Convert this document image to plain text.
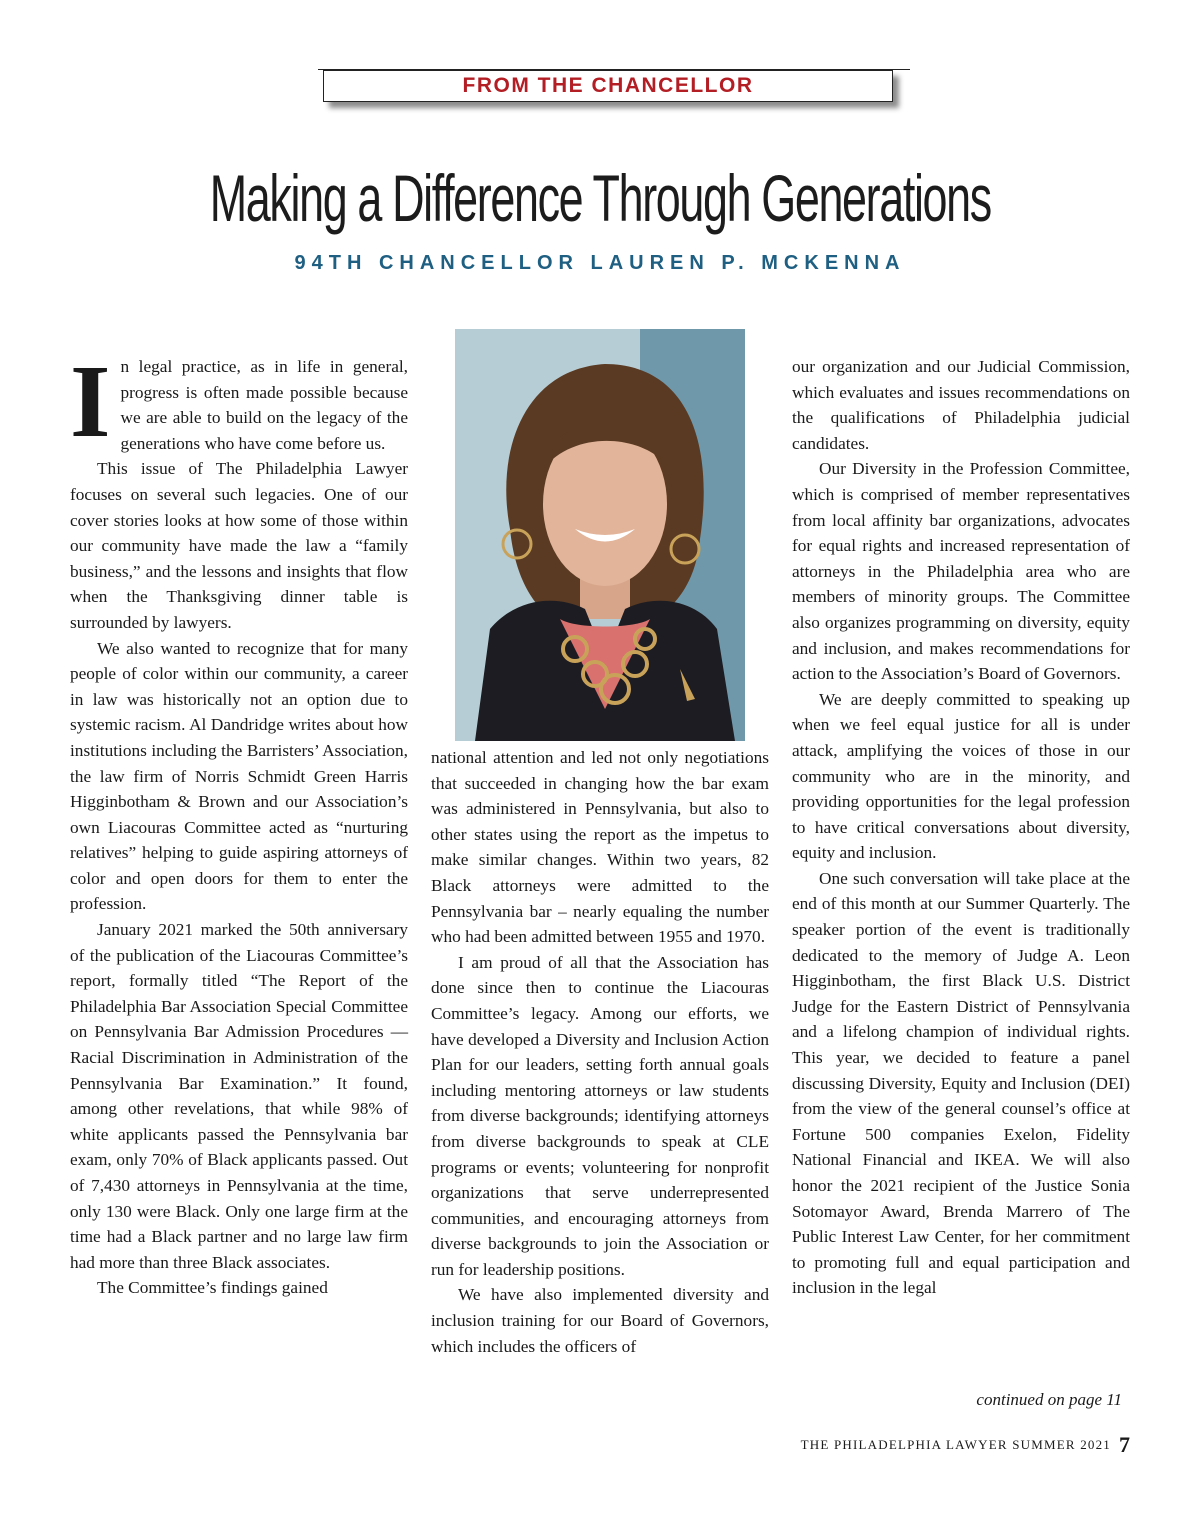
FROM THE CHANCELLOR
Making a Difference Through Generations
94TH CHANCELLOR LAUREN P. MCKENNA
I n legal practice, as in life in general, progress is often made possible because we are able to build on the legacy of the generations who have come before us.

This issue of The Philadelphia Lawyer focuses on several such legacies. One of our cover stories looks at how some of those within our community have made the law a “family business,” and the lessons and insights that flow when the Thanksgiving dinner table is surrounded by lawyers.

We also wanted to recognize that for many people of color within our community, a career in law was historically not an option due to systemic racism. Al Dandridge writes about how institutions including the Barristers’ Association, the law firm of Norris Schmidt Green Harris Higginbotham & Brown and our Association’s own Liacouras Committee acted as “nurturing relatives” helping to guide aspiring attorneys of color and open doors for them to enter the profession.

January 2021 marked the 50th anniversary of the publication of the Liacouras Committee’s report, formally titled “The Report of the Philadelphia Bar Association Special Committee on Pennsylvania Bar Admission Procedures — Racial Discrimination in Administration of the Pennsylvania Bar Examination.” It found, among other revelations, that while 98% of white applicants passed the Pennsylvania bar exam, only 70% of Black applicants passed. Out of 7,430 attorneys in Pennsylvania at the time, only 130 were Black. Only one large firm at the time had a Black partner and no large law firm had more than three Black associates.

The Committee’s findings gained

national attention and led not only negotiations that succeeded in changing how the bar exam was administered in Pennsylvania, but also to other states using the report as the impetus to make similar changes. Within two years, 82 Black attorneys were admitted to the Pennsylvania bar – nearly equaling the number who had been admitted between 1955 and 1970.

I am proud of all that the Association has done since then to continue the Liacouras Committee’s legacy. Among our efforts, we have developed a Diversity and Inclusion Action Plan for our leaders, setting forth annual goals including mentoring attorneys or law students from diverse backgrounds; identifying attorneys from diverse backgrounds to speak at CLE programs or events; volunteering for nonprofit organizations that serve underrepresented communities, and encouraging attorneys from diverse backgrounds to join the Association or run for leadership positions.

We have also implemented diversity and inclusion training for our Board of Governors, which includes the officers of

our organization and our Judicial Commission, which evaluates and issues recommendations on the qualifications of Philadelphia judicial candidates.

Our Diversity in the Profession Committee, which is comprised of member representatives from local affinity bar organizations, advocates for equal rights and increased representation of attorneys in the Philadelphia area who are members of minority groups. The Committee also organizes programming on diversity, equity and inclusion, and makes recommendations for action to the Association’s Board of Governors.

We are deeply committed to speaking up when we feel equal justice for all is under attack, amplifying the voices of those in our community who are in the minority, and providing opportunities for the legal profession to have critical conversations about diversity, equity and inclusion.

One such conversation will take place at the end of this month at our Summer Quarterly. The speaker portion of the event is traditionally dedicated to the memory of Judge A. Leon Higginbotham, the first Black U.S. District Judge for the Eastern District of Pennsylvania and a lifelong champion of individual rights. This year, we decided to feature a panel discussing Diversity, Equity and Inclusion (DEI) from the view of the general counsel’s office at Fortune 500 companies Exelon, Fidelity National Financial and IKEA. We will also honor the 2021 recipient of the Justice Sonia Sotomayor Award, Brenda Marrero of The Public Interest Law Center, for her commitment to promoting full and equal participation and inclusion in the legal

continued on page 11
THE PHILADELPHIA LAWYER SUMMER 2021 7
